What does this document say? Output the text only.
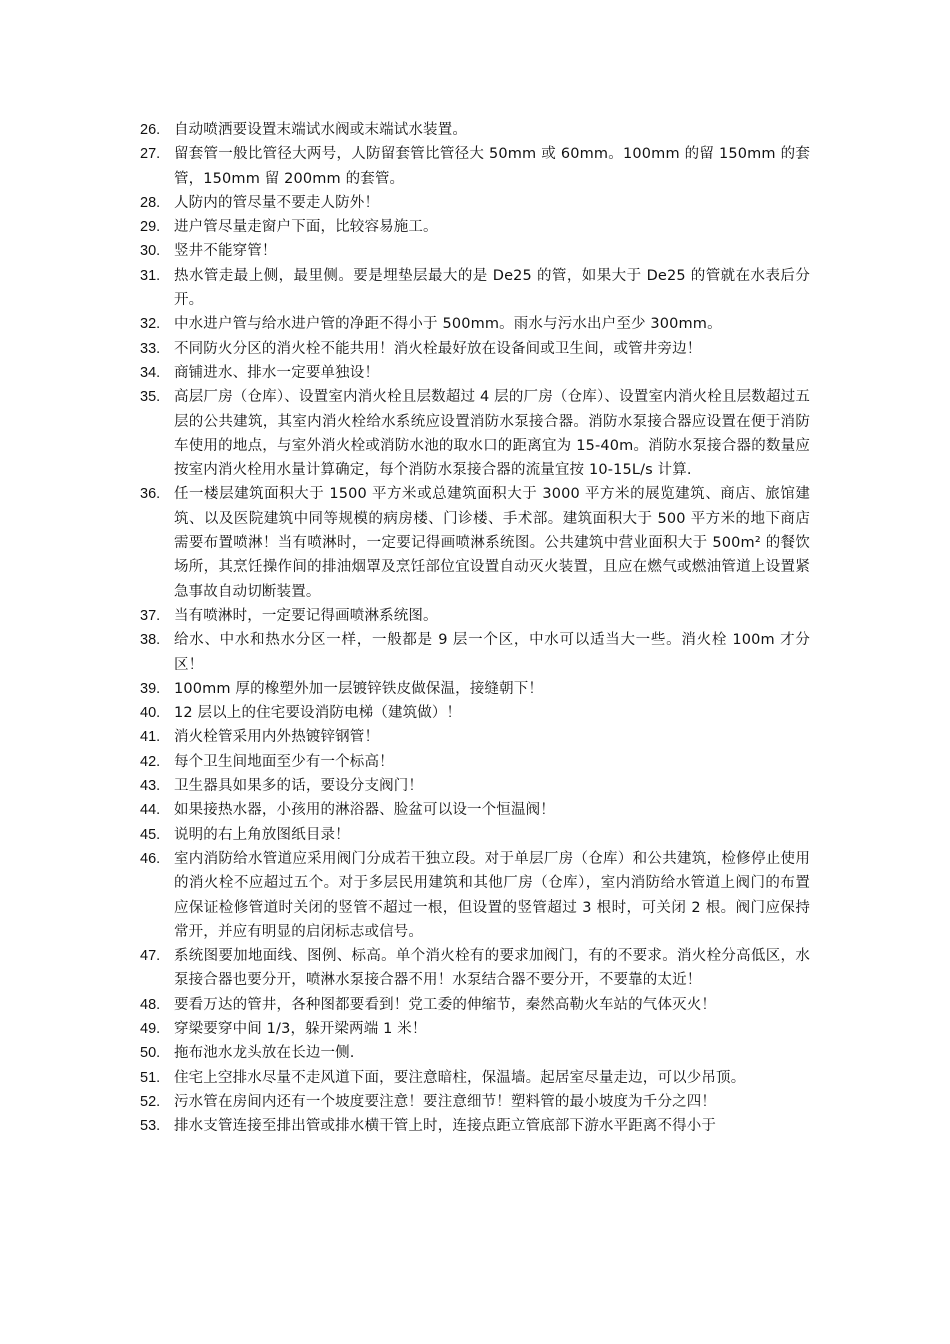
26. 自动喷洒要设置末端试水阀或末端试水装置。
27. 留套管一般比管径大两号，人防留套管比管径大 50mm 或 60mm。100mm 的留 150mm 的套管，150mm 留 200mm 的套管。
28. 人防内的管尽量不要走人防外！
29. 进户管尽量走窗户下面，比较容易施工。
30. 竖井不能穿管！
31. 热水管走最上侧，最里侧。要是埋垫层最大的是 De25 的管，如果大于 De25 的管就在水表后分开。
32. 中水进户管与给水进户管的净距不得小于 500mm。雨水与污水出户至少 300mm。
33. 不同防火分区的消火栓不能共用！消火栓最好放在设备间或卫生间，或管井旁边！
34. 商铺进水、排水一定要单独设！
35. 高层厂房（仓库）、设置室内消火栓且层数超过 4 层的厂房（仓库）、设置室内消火栓且层数超过五层的公共建筑，其室内消火栓给水系统应设置消防水泵接合器。消防水泵接合器应设置在便于消防车使用的地点，与室外消火栓或消防水池的取水口的距离宜为 15-40m。消防水泵接合器的数量应按室内消火栓用水量计算确定，每个消防水泵接合器的流量宜按 10-15L/s 计算.
36. 任一楼层建筑面积大于 1500 平方米或总建筑面积大于 3000 平方米的展览建筑、商店、旅馆建筑、以及医院建筑中同等规模的病房楼、门诊楼、手术部。建筑面积大于 500 平方米的地下商店需要布置喷淋！当有喷淋时，一定要记得画喷淋系统图。公共建筑中营业面积大于 500m² 的餐饮场所，其烹饪操作间的排油烟罩及烹饪部位宜设置自动灭火装置，且应在燃气或燃油管道上设置紧急事故自动切断装置。
37. 当有喷淋时，一定要记得画喷淋系统图。
38. 给水、中水和热水分区一样，一般都是 9 层一个区，中水可以适当大一些。消火栓 100m 才分区！
39. 100mm 厚的橡塑外加一层镀锌铁皮做保温，接缝朝下！
40. 12 层以上的住宅要设消防电梯（建筑做）！
41. 消火栓管采用内外热镀锌钢管！
42. 每个卫生间地面至少有一个标高！
43. 卫生器具如果多的话，要设分支阀门！
44. 如果接热水器，小孩用的淋浴器、脸盆可以设一个恒温阀！
45. 说明的右上角放图纸目录！
46. 室内消防给水管道应采用阀门分成若干独立段。对于单层厂房（仓库）和公共建筑，检修停止使用的消火栓不应超过五个。对于多层民用建筑和其他厂房（仓库），室内消防给水管道上阀门的布置应保证检修管道时关闭的竖管不超过一根，但设置的竖管超过 3 根时，可关闭 2 根。阀门应保持常开，并应有明显的启闭标志或信号。
47. 系统图要加地面线、图例、标高。单个消火栓有的要求加阀门，有的不要求。消火栓分高低区，水泵接合器也要分开，喷淋水泵接合器不用！水泵结合器不要分开，不要靠的太近！
48. 要看万达的管井，各种图都要看到！党工委的伸缩节，秦然高勒火车站的气体灭火！
49. 穿梁要穿中间 1/3，躲开梁两端 1 米！
50. 拖布池水龙头放在长边一侧.
51. 住宅上空排水尽量不走风道下面，要注意暗柱，保温墙。起居室尽量走边，可以少吊顶。
52. 污水管在房间内还有一个坡度要注意！要注意细节！塑料管的最小坡度为千分之四！
53. 排水支管连接至排出管或排水横干管上时，连接点距立管底部下游水平距离不得小于
